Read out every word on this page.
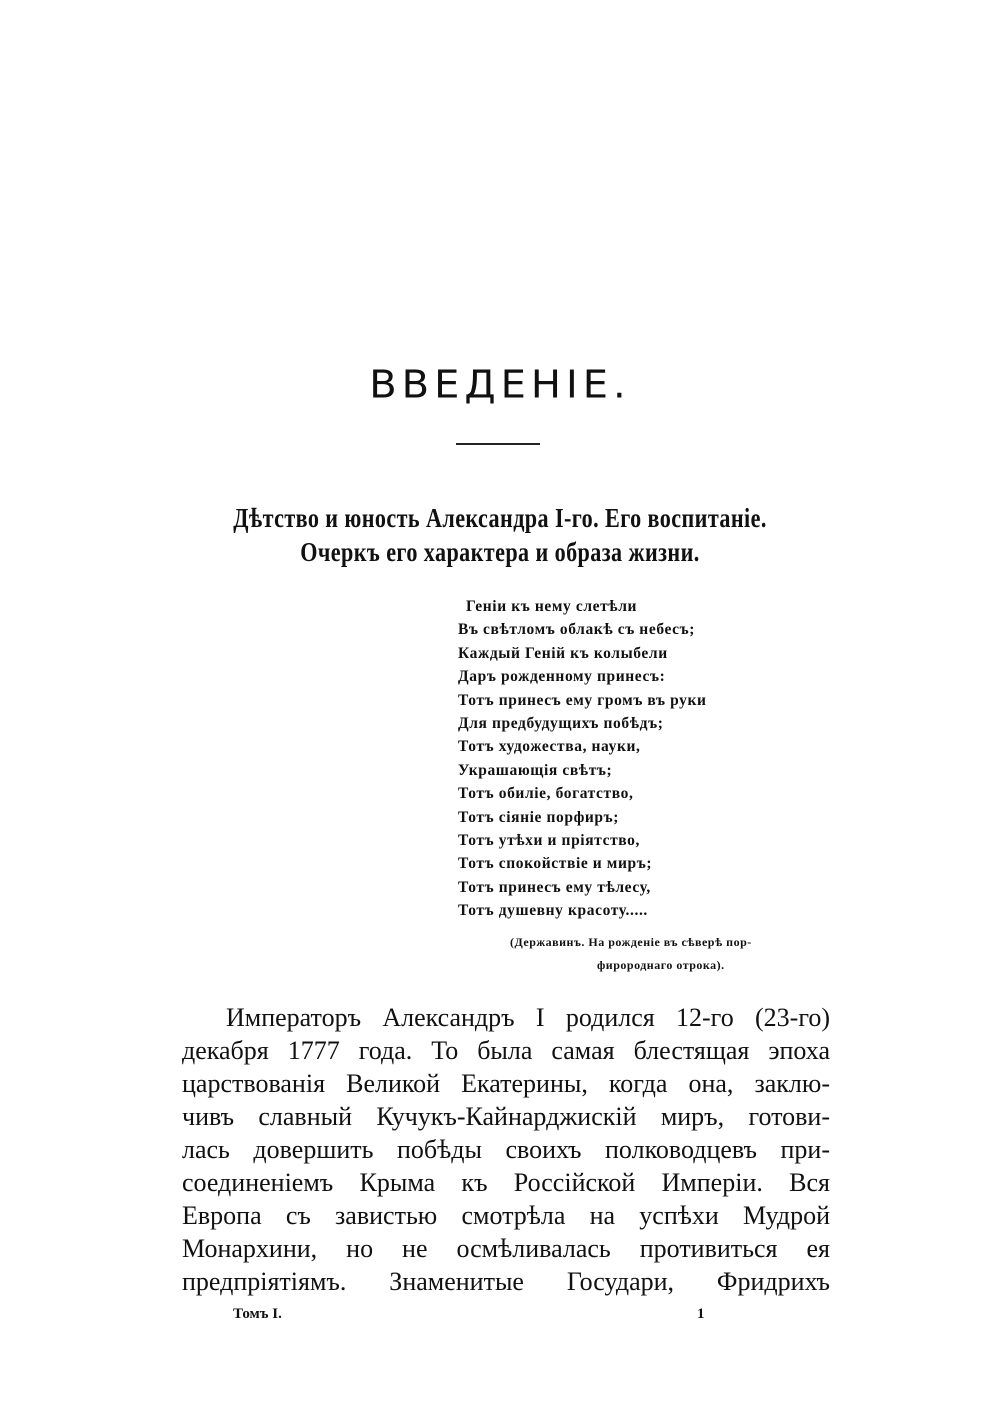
ВВЕДЕНІЕ.
Дѣтство и юность Александра I-го. Его воспитаніе.
Очеркъ его характера и образа жизни.
Геніи къ нему слетѣли
Въ свѣтломъ облакѣ съ небесъ;
Каждый Геній къ колыбели
Даръ рожденному принесъ:
Тотъ принесъ ему громъ въ руки
Для предбудущихъ побѣдъ;
Тотъ художества, науки,
Украшающія свѣтъ;
Тотъ обиліе, богатство,
Тотъ сіяніе порфиръ;
Тотъ утѣхи и пріятство,
Тотъ спокойствіе и миръ;
Тотъ принесъ ему тѣлесу,
Тотъ душевну красоту.....
(Державинъ. На рожденіе въ сѣверѣ пор-
фиророднаго отрока).
Императоръ Александръ I родился 12-го (23-го)
декабря 1777 года. То была самая блестящая эпоха
царствованія Великой Екатерины, когда она, заклю-
чивъ славный Кучукъ-Кайнарджискій миръ, готови-
лась довершить побѣды своихъ полководцевъ при-
соединеніемъ Крыма къ Россійской Имперіи. Вся
Европа съ завистью смотрѣла на успѣхи Мудрой
Монархини, но не осмѣливалась противиться ея
предпріятіямъ. Знаменитые Государи, Фридрихъ
Томъ I.	1
